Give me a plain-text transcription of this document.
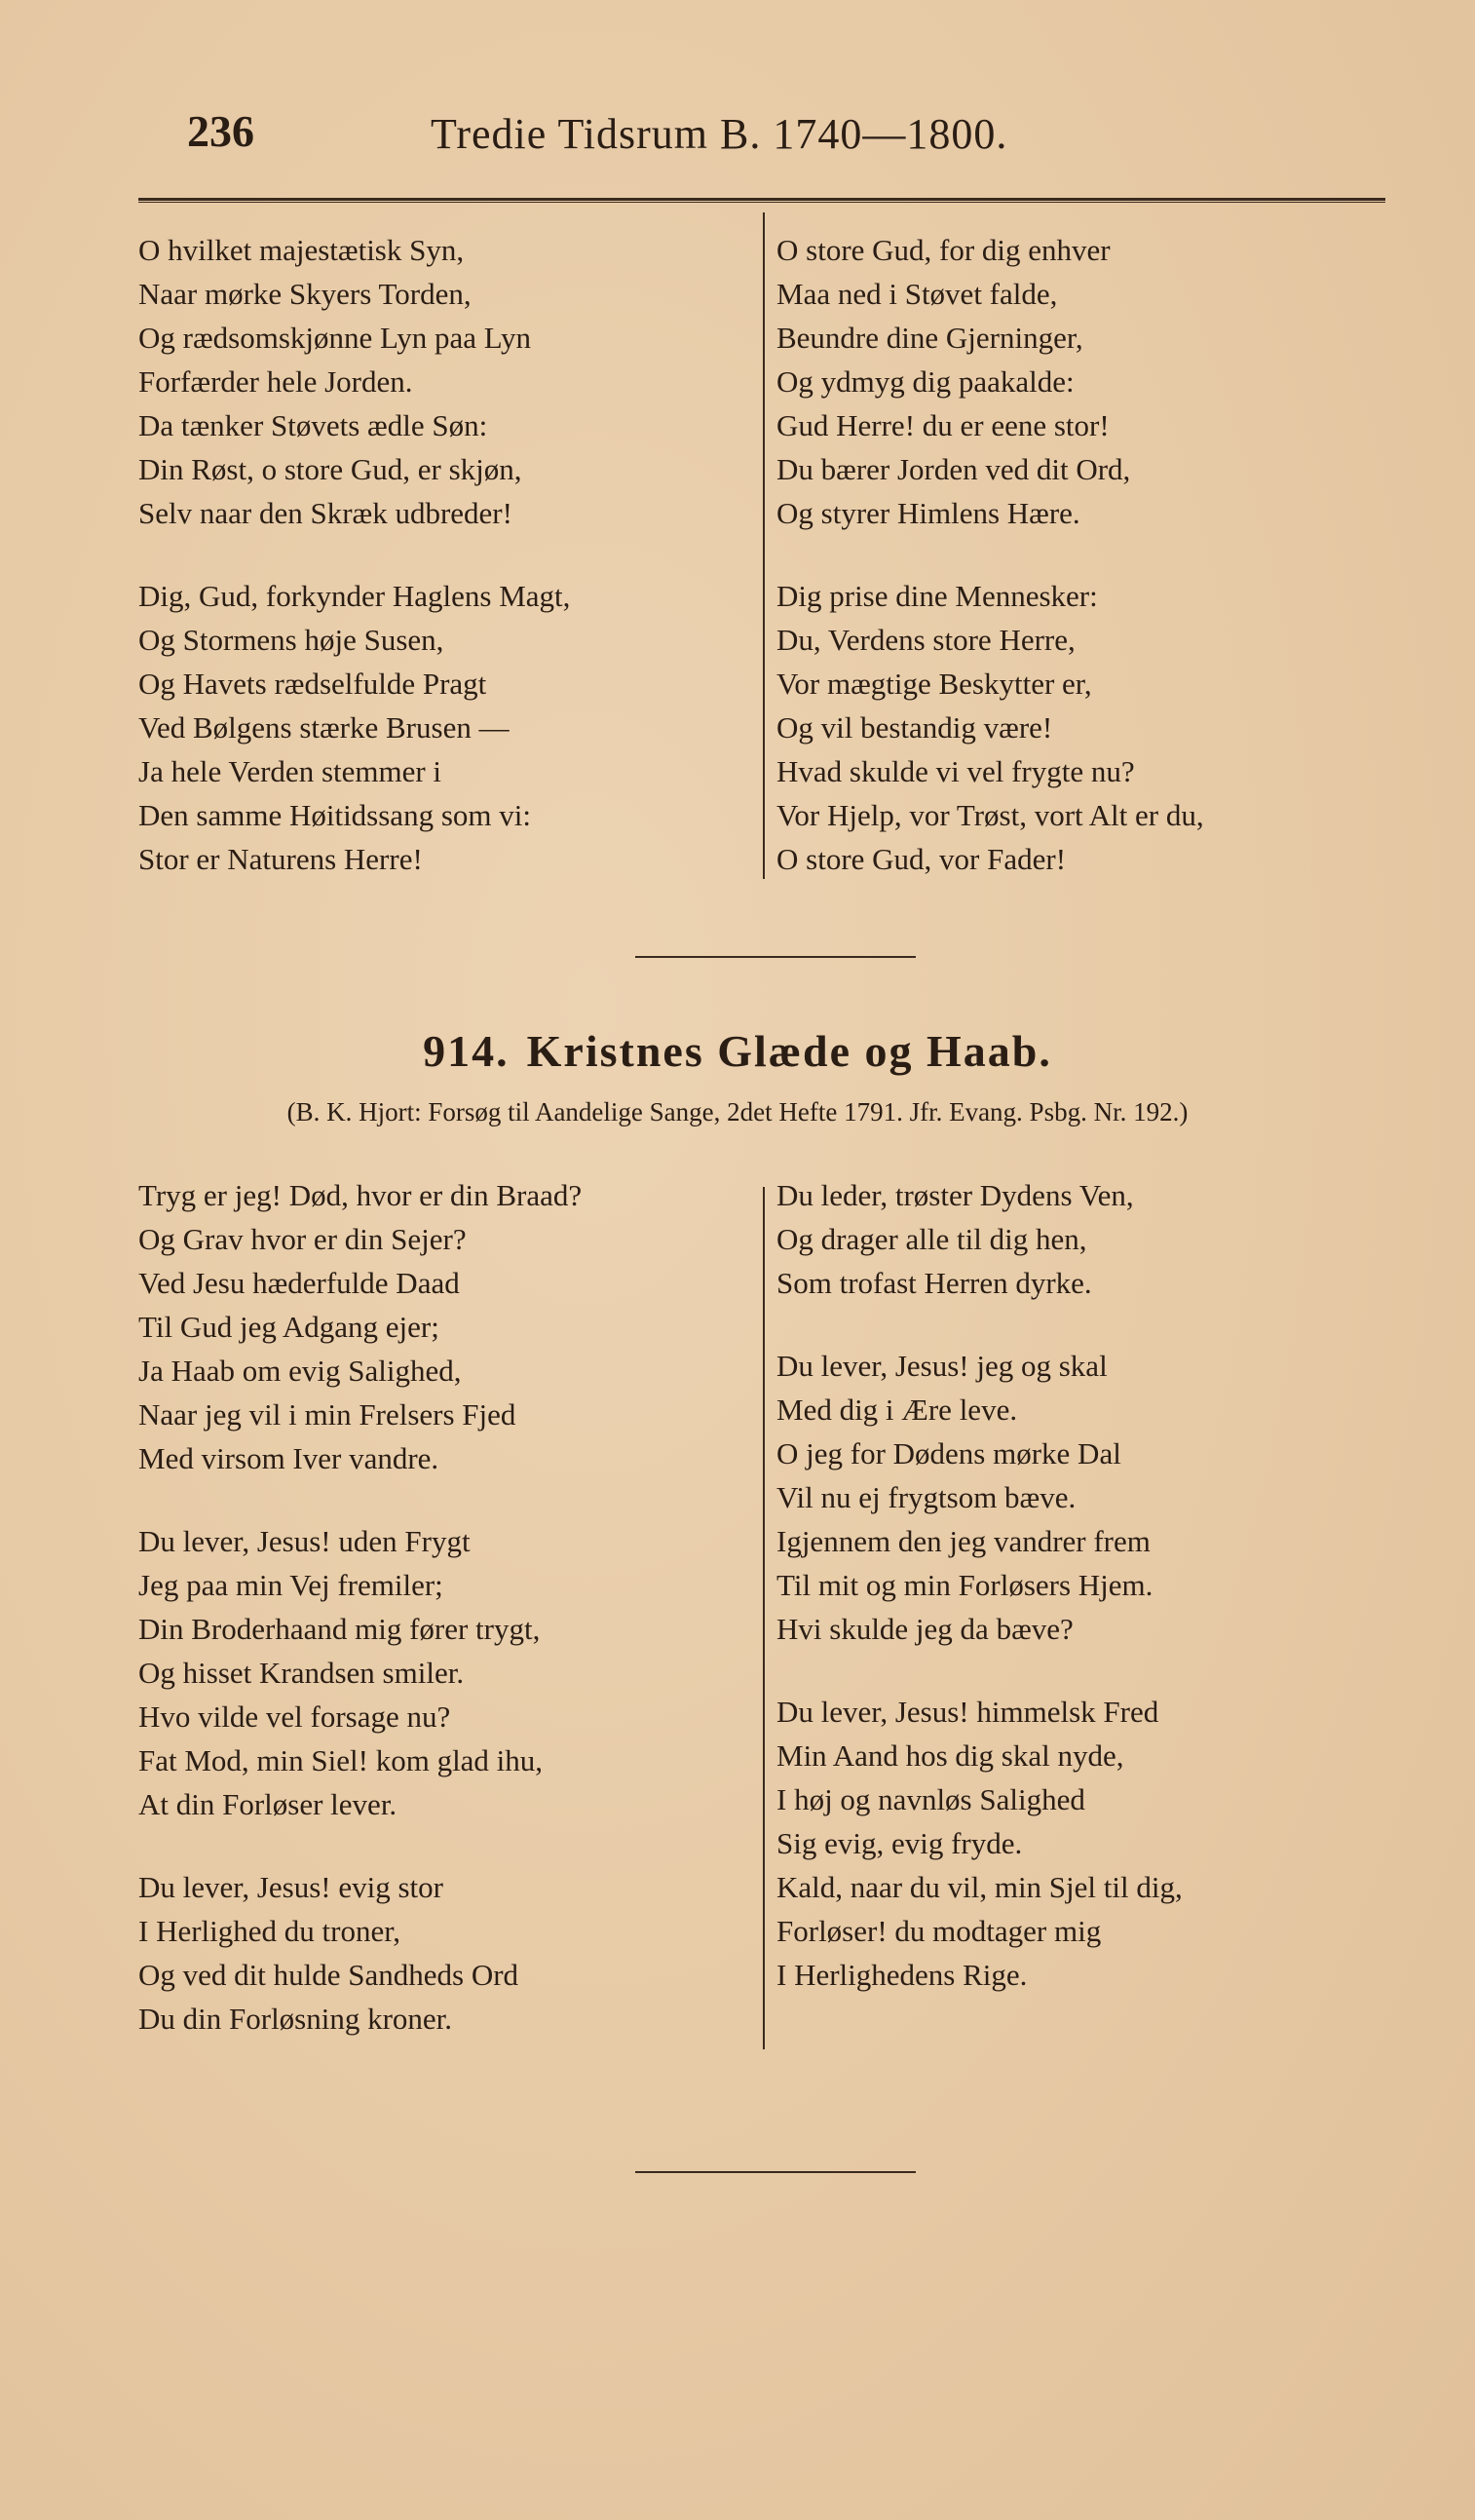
236	Tredie Tidsrum B. 1740—1800.
O hvilket majestætisk Syn,
Naar mørke Skyers Torden,
Og rædsomskjønne Lyn paa Lyn
Forfærder hele Jorden.
Da tænker Støvets ædle Søn:
Din Røst, o store Gud, er skjøn,
Selv naar den Skræk udbreder!
Dig, Gud, forkynder Haglens Magt,
Og Stormens høje Susen,
Og Havets rædselfulde Pragt
Ved Bølgens stærke Brusen —
Ja hele Verden stemmer i
Den samme Høitidssang som vi:
Stor er Naturens Herre!
O store Gud, for dig enhver
Maa ned i Støvet falde,
Beundre dine Gjerninger,
Og ydmyg dig paakalde:
Gud Herre! du er eene stor!
Du bærer Jorden ved dit Ord,
Og styrer Himlens Hære.
Dig prise dine Mennesker:
Du, Verdens store Herre,
Vor mægtige Beskytter er,
Og vil bestandig være!
Hvad skulde vi vel frygte nu?
Vor Hjelp, vor Trøst, vort Alt er du,
O store Gud, vor Fader!
914. Kristnes Glæde og Haab.
(B. K. Hjort: Forsøg til Aandelige Sange, 2det Hefte 1791. Jfr. Evang. Psbg. Nr. 192.)
Tryg er jeg! Død, hvor er din Braad?
Og Grav hvor er din Sejer?
Ved Jesu hæderfulde Daad
Til Gud jeg Adgang ejer;
Ja Haab om evig Salighed,
Naar jeg vil i min Frelsers Fjed
Med virsom Iver vandre.
Du lever, Jesus! uden Frygt
Jeg paa min Vej fremiler;
Din Broderhaand mig fører trygt,
Og hisset Krandsen smiler.
Hvo vilde vel forsage nu?
Fat Mod, min Siel! kom glad ihu,
At din Forløser lever.
Du lever, Jesus! evig stor
I Herlighed du troner,
Og ved dit hulde Sandheds Ord
Du din Forløsning kroner.
Du leder, trøster Dydens Ven,
Og drager alle til dig hen,
Som trofast Herren dyrke.
Du lever, Jesus! jeg og skal
Med dig i Ære leve.
O jeg for Dødens mørke Dal
Vil nu ej frygtsom bæve.
Igjennem den jeg vandrer frem
Til mit og min Forløsers Hjem.
Hvi skulde jeg da bæve?
Du lever, Jesus! himmelsk Fred
Min Aand hos dig skal nyde,
I høj og navnløs Salighed
Sig evig, evig fryde.
Kald, naar du vil, min Sjel til dig,
Forløser! du modtager mig
I Herlighedens Rige.
